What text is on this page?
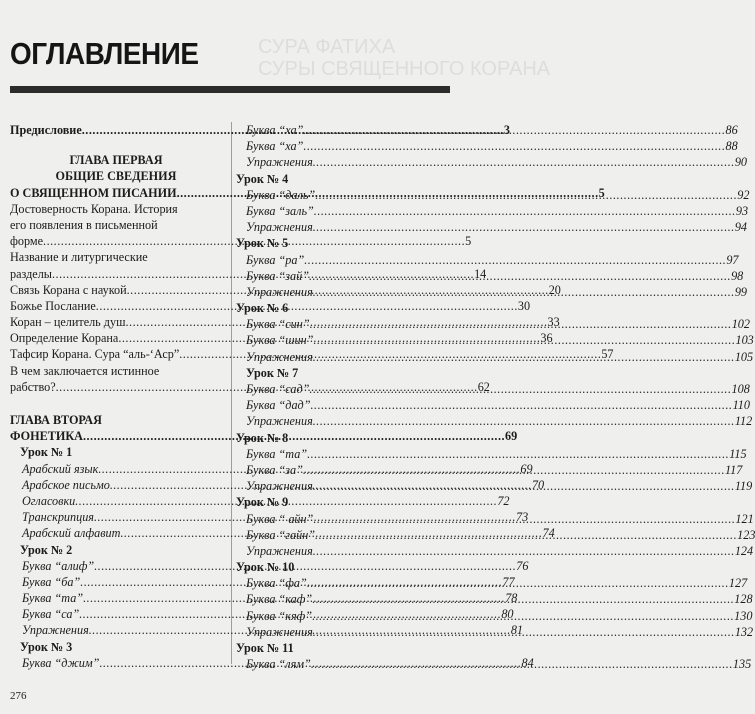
ОГЛАВЛЕНИЕ	СУРА ФАТИХА
СУРЫ СВЯЩЕННОГО КОРАНА
Предисловие .....	3
ГЛАВА ПЕРВАЯ
ОБЩИЕ СВЕДЕНИЯ
О СВЯЩЕННОМ ПИСАНИИ .....	5
Достоверность Корана. История
его появления в письменной
форме .....	5
Название и литургические
разделы .....	14
Связь Корана с наукой .....	20
Божье Послание .....	30
Коран – целитель душ .....	33
Определение Корана .....	36
Тафсир Корана. Сура “аль-‘Аср” .....	57
В чем заключается истинное
рабство? .....	62
ГЛАВА ВТОРАЯ
ФОНЕТИКА .....	69
Урок № 1
Арабский язык .....	69
Арабское письмо .....	70
Огласовки .....	72
Транскрипция .....	73
Арабский алфавит .....	74
Урок № 2
Буква “алиф” .....	76
Буква “ба” .....	77
Буква “та” .....	78
Буква “са” .....	80
Упражнения .....	81
Урок № 3
Буква “джим” .....	84
Буква “ха” .....	86
Буква “ха” .....	88
Упражнения .....	90
Урок № 4
Буква “даль” .....	92
Буква “заль” .....	93
Упражнения .....	94
Урок № 5
Буква “ра” .....	97
Буква “зай” .....	98
Упражнения .....	99
Урок № 6
Буква “син” .....	102
Буква “шин” .....	103
Упражнения .....	105
Урок № 7
Буква “сад” .....	108
Буква “дад” .....	110
Упражнения .....	112
Урок № 8
Буква “та” .....	115
Буква “за” .....	117
Упражнения .....	119
Урок № 9
Буква “ айн” .....	121
Буква “гайн” .....	123
Упражнения .....	124
Урок № 10
Буква “фа” .....	127
Буква “каф” .....	128
Буква “кяф” .....	130
Упражнения .....	132
Урок № 11
Буква “лям” .....	135
276
